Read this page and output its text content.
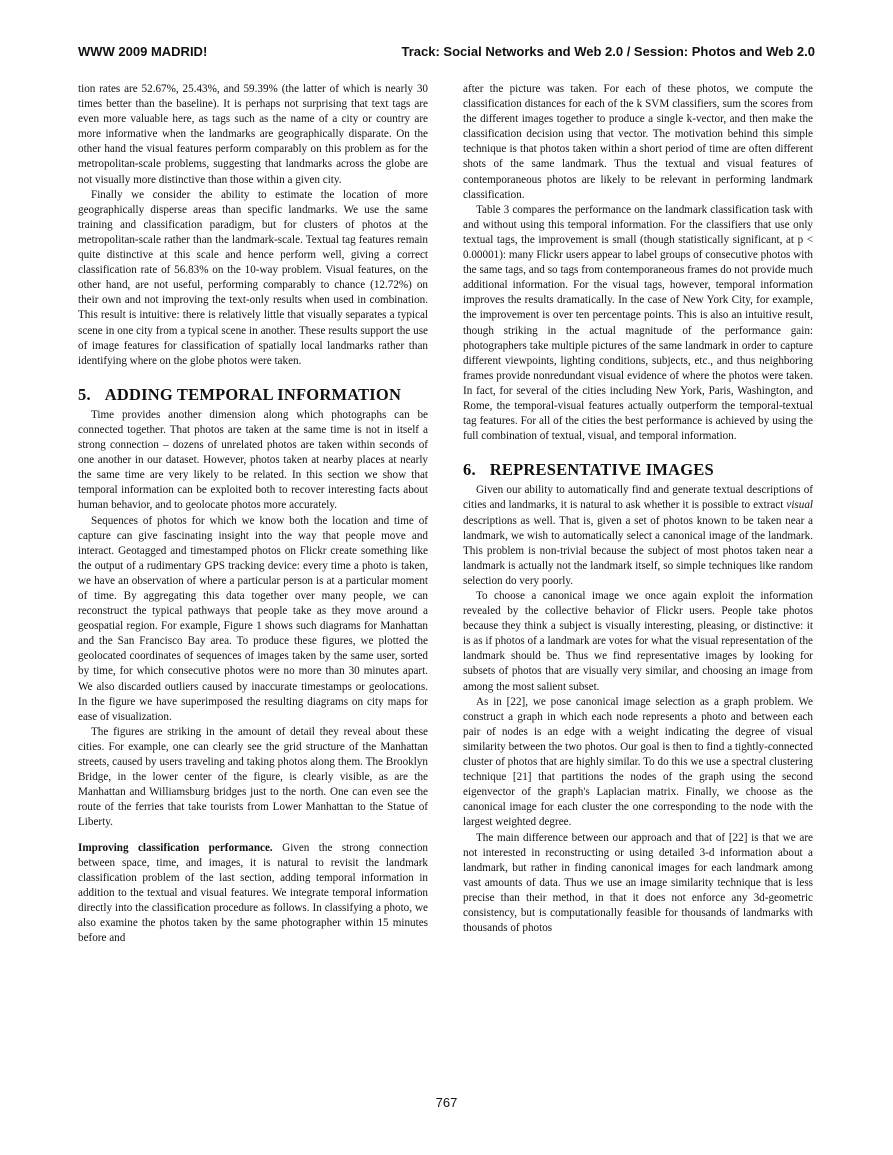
WWW 2009 MADRID!	Track: Social Networks and Web 2.0 / Session: Photos and Web 2.0

tion rates are 52.67%, 25.43%, and 59.39% (the latter of which is nearly 30 times better than the baseline). It is perhaps not surprising that text tags are even more valuable here, as tags such as the name of a city or country are more informative when the landmarks are geographically disparate. On the other hand the visual features perform comparably on this problem as for the metropolitan-scale problems, suggesting that landmarks across the globe are not visually more distinctive than those within a given city.

Finally we consider the ability to estimate the location of more geographically disperse areas than specific landmarks. We use the same training and classification paradigm, but for clusters of photos at the metropolitan-scale rather than the landmark-scale. Textual tag features remain quite distinctive at this scale and hence perform well, giving a correct classification rate of 56.83% on the 10-way problem. Visual features, on the other hand, are not useful, performing comparably to chance (12.72%) on their own and not improving the text-only results when used in combination. This result is intuitive: there is relatively little that visually separates a typical scene in one city from a typical scene in another. These results support the use of image features for classification of spatially local landmarks rather than identifying where on the globe photos were taken.

5. ADDING TEMPORAL INFORMATION

Time provides another dimension along which photographs can be connected together. That photos are taken at the same time is not in itself a strong connection – dozens of unrelated photos are taken within seconds of one another in our dataset. However, photos taken at nearby places at nearly the same time are very likely to be related. In this section we show that temporal information can be exploited both to recover interesting facts about human behavior, and to geolocate photos more accurately.

Sequences of photos for which we know both the location and time of capture can give fascinating insight into the way that people move and interact. Geotagged and timestamped photos on Flickr create something like the output of a rudimentary GPS tracking device: every time a photo is taken, we have an observation of where a particular person is at a particular moment of time. By aggregating this data together over many people, we can reconstruct the typical pathways that people take as they move around a geospatial region. For example, Figure 1 shows such diagrams for Manhattan and the San Francisco Bay area. To produce these figures, we plotted the geolocated coordinates of sequences of images taken by the same user, sorted by time, for which consecutive photos were no more than 30 minutes apart. We also discarded outliers caused by inaccurate timestamps or geolocations. In the figure we have superimposed the resulting diagrams on city maps for ease of visualization.

The figures are striking in the amount of detail they reveal about these cities. For example, one can clearly see the grid structure of the Manhattan streets, caused by users traveling and taking photos along them. The Brooklyn Bridge, in the lower center of the figure, is clearly visible, as are the Manhattan and Williamsburg bridges just to the north. One can even see the route of the ferries that take tourists from Lower Manhattan to the Statue of Liberty.

Improving classification performance. Given the strong connection between space, time, and images, it is natural to revisit the landmark classification problem of the last section, adding temporal information in addition to the textual and visual features. We integrate temporal information directly into the classification procedure as follows. In classifying a photo, we also examine the photos taken by the same photographer within 15 minutes before and

after the picture was taken. For each of these photos, we compute the classification distances for each of the k SVM classifiers, sum the scores from the different images together to produce a single k-vector, and then make the classification decision using that vector. The motivation behind this simple technique is that photos taken within a short period of time are often different shots of the same landmark. Thus the textual and visual features of contemporaneous photos are likely to be relevant in performing landmark classification.

Table 3 compares the performance on the landmark classification task with and without using this temporal information. For the classifiers that use only textual tags, the improvement is small (though statistically significant, at p < 0.00001): many Flickr users appear to label groups of consecutive photos with the same tags, and so tags from contemporaneous frames do not provide much additional information. For the visual tags, however, temporal information improves the results dramatically. In the case of New York City, for example, the improvement is over ten percentage points. This is also an intuitive result, though striking in the actual magnitude of the performance gain: photographers take multiple pictures of the same landmark in order to capture different viewpoints, lighting conditions, subjects, etc., and thus neighboring frames provide nonredundant visual evidence of where the photos were taken. In fact, for several of the cities including New York, Paris, Washington, and Rome, the temporal-visual features actually outperform the temporal-textual tag features. For all of the cities the best performance is achieved by using the full combination of textual, visual, and temporal information.

6. REPRESENTATIVE IMAGES

Given our ability to automatically find and generate textual descriptions of cities and landmarks, it is natural to ask whether it is possible to extract visual descriptions as well. That is, given a set of photos known to be taken near a landmark, we wish to automatically select a canonical image of the landmark. This problem is non-trivial because the subject of most photos taken near a landmark is actually not the landmark itself, so simple techniques like random selection do very poorly.

To choose a canonical image we once again exploit the information revealed by the collective behavior of Flickr users. People take photos because they think a subject is visually interesting, pleasing, or distinctive: it is as if photos of a landmark are votes for what the visual representation of the landmark should be. Thus we find representative images by looking for subsets of photos that are visually very similar, and choosing an image from among the most salient subset.

As in [22], we pose canonical image selection as a graph problem. We construct a graph in which each node represents a photo and between each pair of nodes is an edge with a weight indicating the degree of visual similarity between the two photos. Our goal is then to find a tightly-connected cluster of photos that are highly similar. To do this we use a spectral clustering technique [21] that partitions the nodes of the graph using the second eigenvector of the graph's Laplacian matrix. Finally, we choose as the canonical image for each cluster the one corresponding to the node with the largest weighted degree.

The main difference between our approach and that of [22] is that we are not interested in reconstructing or using detailed 3-d information about a landmark, but rather in finding canonical images for each landmark among vast amounts of data. Thus we use an image similarity technique that is less precise than their method, in that it does not enforce any 3d-geometric consistency, but is computationally feasible for thousands of landmarks with thousands of photos

767
